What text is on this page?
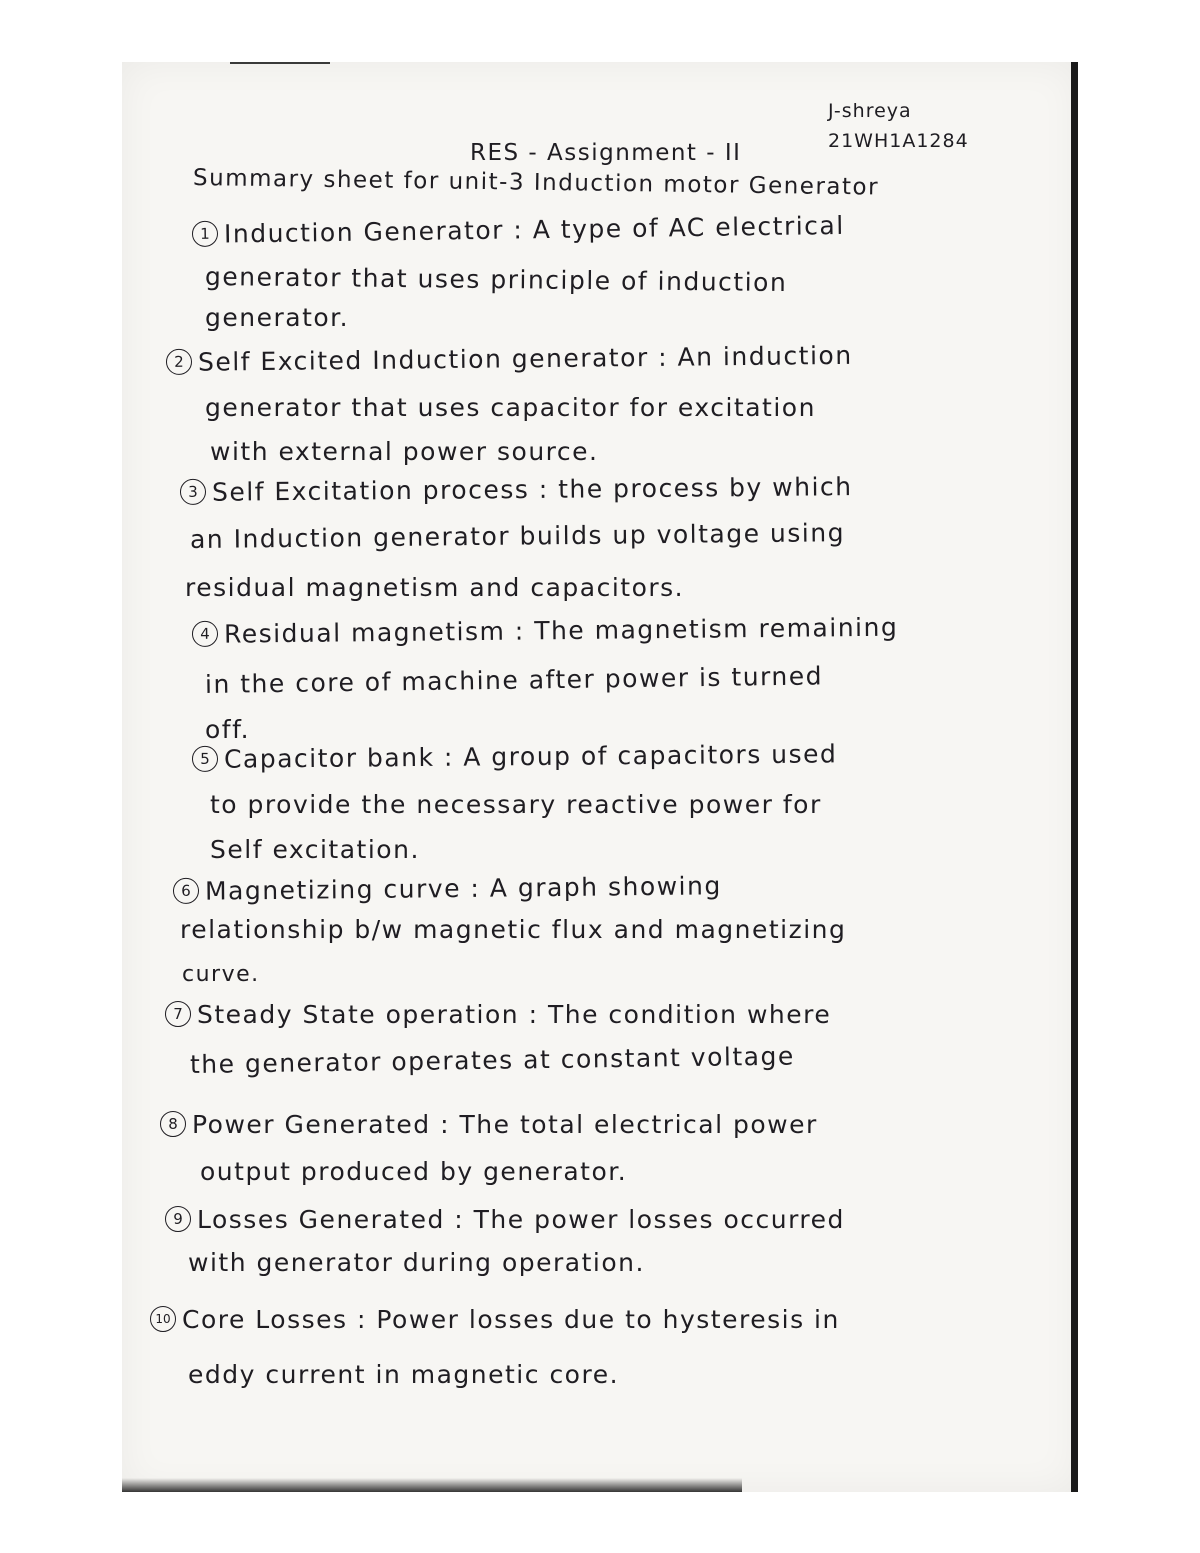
J-shreya
21WH1A1284
RES - Assignment - II
Summary sheet for unit-3 Induction motor Generator
1 Induction Generator : A type of AC electrical
generator that uses principle of induction
generator.
2 Self Excited Induction generator : An induction
generator that uses capacitor for excitation
with external power source.
3 Self Excitation process : the process by which
an Induction generator builds up voltage using
residual magnetism and capacitors.
4 Residual magnetism : The magnetism remaining
in the core of machine after power is turned
off.
5 Capacitor bank : A group of capacitors used
to provide the necessary reactive power for
Self excitation.
6 Magnetizing curve : A graph showing
relationship b/w magnetic flux and magnetizing
curve.
7 Steady State operation : The condition where
the generator operates at constant voltage
8 Power Generated : The total electrical power
output produced by generator.
9 Losses Generated : The power losses occurred
with generator during operation.
10 Core Losses : Power losses due to hysteresis in
eddy current in magnetic core.
